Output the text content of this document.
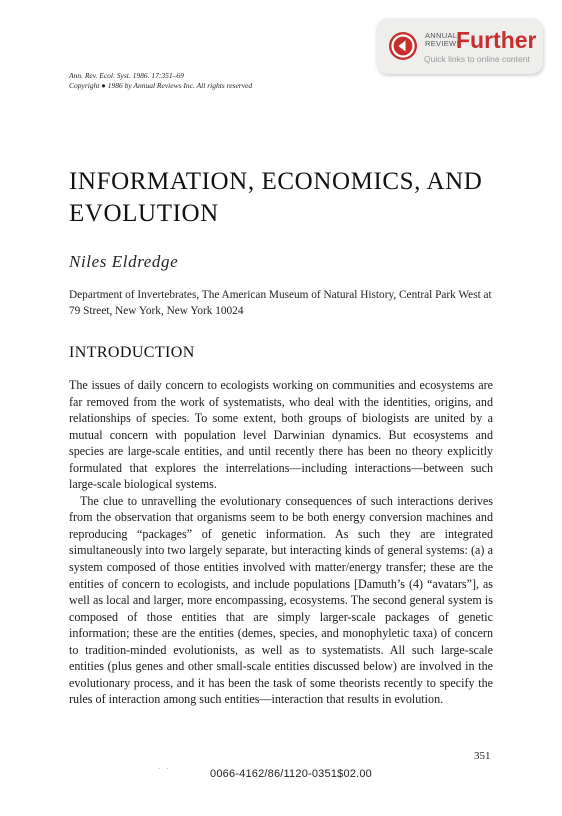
ANNUAL
REVIEWS
Further
Quick links to online content
Ann. Rev. Ecol. Syst. 1986. 17:351–69
Copyright ● 1986 by Annual Reviews Inc. All rights reserved
INFORMATION, ECONOMICS, AND
EVOLUTION
Niles Eldredge
Department of Invertebrates, The American Museum of Natural History, Central Park West at 79 Street, New York, New York 10024
INTRODUCTION

The issues of daily concern to ecologists working on communities and ecosystems are far removed from the work of systematists, who deal with the identities, origins, and relationships of species. To some extent, both groups of biologists are united by a mutual concern with population level Darwinian dynamics. But ecosystems and species are large-scale entities, and until recently there has been no theory explicitly formulated that explores the interrelations—including interactions—between such large-scale biological systems.

The clue to unravelling the evolutionary consequences of such interactions derives from the observation that organisms seem to be both energy conversion machines and reproducing “packages” of genetic information. As such they are integrated simultaneously into two largely separate, but interacting kinds of general systems: (a) a system composed of those entities involved with matter/energy transfer; these are the entities of concern to ecologists, and include populations [Damuth’s (4) “avatars”], as well as local and larger, more encompassing, ecosystems. The second general system is composed of those entities that are simply larger-scale packages of genetic information; these are the entities (demes, species, and monophyletic taxa) of concern to tradition-minded evolutionists, as well as to systematists. All such large-scale entities (plus genes and other small-scale entities discussed below) are involved in the evolutionary process, and it has been the task of some theorists recently to specify the rules of interaction among such entities—interaction that results in evolution.

· ·
351
0066-4162/86/1120-0351$02.00
